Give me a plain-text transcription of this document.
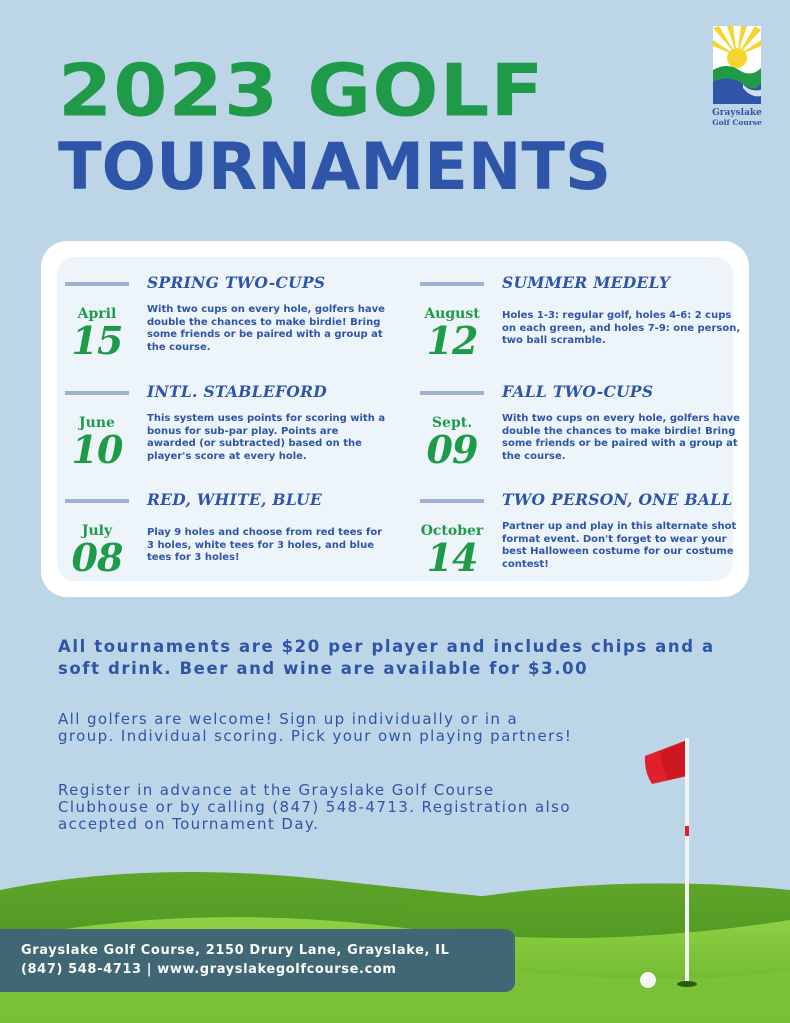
2023 GOLF
TOURNAMENTS
Grayslake
Golf Course
SPRING TWO-CUPS
April
15
With two cups on every hole, golfers have double the chances to make birdie! Bring some friends or be paired with a group at the course.
SUMMER MEDELY
August
12
Holes 1-3: regular golf, holes 4-6: 2 cups on each green, and holes 7-9: one person, two ball scramble.
INTL. STABLEFORD
June
10
This system uses points for scoring with a bonus for sub-par play. Points are awarded (or subtracted) based on the player's score at every hole.
FALL TWO-CUPS
Sept.
09
With two cups on every hole, golfers have double the chances to make birdie! Bring some friends or be paired with a group at the course.
RED, WHITE, BLUE
July
08
Play 9 holes and choose from red tees for 3 holes, white tees for 3 holes, and blue tees for 3 holes!
TWO PERSON, ONE BALL
October
14
Partner up and play in this alternate shot format event. Don't forget to wear your best Halloween costume for our costume contest!
All tournaments are $20 per player and includes chips and a soft drink. Beer and wine are available for $3.00
All golfers are welcome! Sign up individually or in a group. Individual scoring. Pick your own playing partners!
Register in advance at the Grayslake Golf Course Clubhouse or by calling (847) 548-4713. Registration also accepted on Tournament Day.
Grayslake Golf Course, 2150 Drury Lane, Grayslake, IL
(847) 548-4713 | www.grayslakegolfcourse.com
